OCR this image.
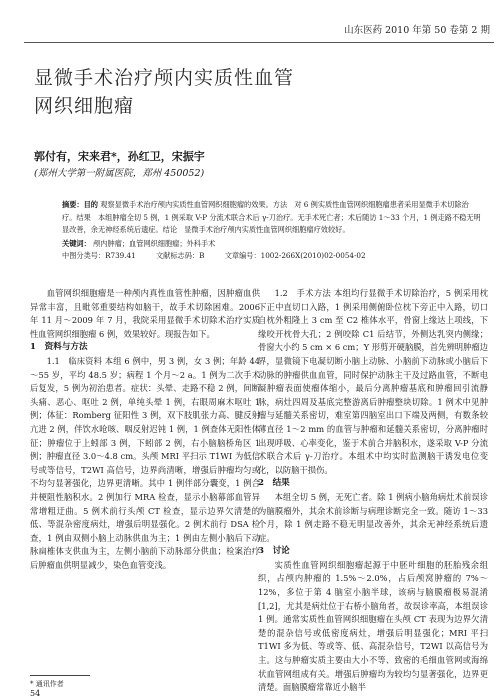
山东医药 2010 年第 50 卷第 2 期
显微手术治疗颅内实质性血管
网织细胞瘤
郭付有，宋来君*，孙红卫，宋振宇
(郑州大学第一附属医院，郑州 450052)

摘要：目的 观察显微手术治疗颅内实质性血管网织细胞瘤的效果。方法　对 6 例实质性血管网织细胞瘤患者采用显微手术切除治疗。结果　本组肿瘤全切 5 例，1 例采取 V-P 分流术联合术后 γ-刀治疗。无手术死亡者；术后随访 1～33 个月，1 例走路不稳无明显改善，余无神经系统后遗症。结论　显微手术治疗颅内实质性血管网织细胞瘤疗效较好。

关键词： 颅内肿瘤；血管网织细胞瘤；外科手术

中图分类号：R739.41	文献标志码：B	文章编号：1002-266X(2010)02-0054-02

血管网织细胞瘤是一种颅内真性血管性肿瘤，因肿瘤血供异常丰富，且毗邻重要结构如脑干，故手术切除困难。2006 年 11 月～2009 年 7 月，我院采用显微手术切除术治疗实质性血管网织细胞瘤 6 例，效果较好。现报告如下。

1　资料与方法

1.1　临床资料 本组 6 例中，男 3 例，女 3 例；年龄 44～55 岁，平均 48.5 岁；病程 1 个月～2 a。1 例为二次手术后复发，5 例为初治患者。症状：头晕、走路不稳 2 例，间断头痛、恶心、呕吐 2 例，单纯头晕 1 例，右眼周麻木呕吐 1 例；体征：Romberg 征阳性 3 例，双下肢肌张力高、腱反射亢进 2 例，伴饮水呛咳、咽反射迟钝 1 例，1 例查体无阳性体征；肿瘤位于上蚓部 3 例，下蚓部 2 例，右小脑脑桥角区 1 例；肿瘤直径 3.0～4.8 cm。头颅 MRI 平扫示 T1WI 为低信号或等信号，T2WI 高信号，边界尚清晰，增强后肿瘤均匀或不均匀显著强化，边界更清晰。其中 1 例伴部分囊变，1 例合并梗阻性脑积水。2 例加行 MRA 检查，显示小脑幕部血管异常增粗迂曲。5 例术前行头颅 CT 检查，显示边界欠清楚的低、等混杂密度病灶，增强后明显强化。2 例术前行 DSA 检查，1 例由双侧小脑上动脉供血为主；1 例由左侧小脑后下动脉扁椎体支供血为主，左侧小脑前下动脉部分供血；检案治疗后肿瘤血供明显减少，染色血管变浅。

1.2　手术方法 本组均行显微手术切除治疗，5 例采用枕下正中直切口入路，1 例采用侧俯卧位枕下旁正中入路，切口自枕外粗隆上 3 cm 至 C2 椎体水平，骨窗上缘达上项线，下缘咬开枕骨大孔；2 例咬除 C1 后结节，外侧达乳突内侧缘；骨窗大小约 5 cm × 6 cm；Y 形剪开硬脑膜，首先辨明肿瘤边界，显微镜下电凝切断小脑上动脉、小脑前下动脉或小脑后下动脉的肿瘤供血血管，同时保护动脉主干及过路血管，不断电凝肿瘤表面使瘤体缩小，最后分离肿瘤基底和肿瘤回引流静脉，病灶四周及基底完整游离后肿瘤整块切除。1 例术中见肿瘤与延髓关系密切，难室第四脑室出口下端及两侧，有数条较薄直径 1～2 mm 的血管与肿瘤和延髓关系密切，分离肿瘤时出现呼吸、心率变化，鉴于术前合并脑积水，遂采取 V-P 分流术联合术后 γ-刀治疗。本组术中均实时监测脑干诱发电位变化，以防脑干损伤。

2　结果

本组全切 5 例，无死亡者。除 1 例病小脑角病灶术前误诊为脑膜瘤外，其余术前诊断与病理诊断完全一致。随访 1～33 个月，除 1 例走路不稳无明显改善外，其余无神经系统后遗症。

3　讨论

实质性血管网织细胞瘤起源于中胚叶细胞的胚胎残余组织，占颅内肿瘤的 1.5%～2.0%，占后颅窝肿瘤的 7%～12%，多位于第 4 脑室小脑半球，该病与脑膜瘤极易混淆[1,2]，尤其是病灶位于右桥小脑角者，故误诊率高，本组误诊 1 例。通常实质性血管网织细胞瘤在头颅 CT 表现为边界欠清楚的混杂信号或低密度病灶，增强后明显强化；MRI 平扫 T1WI 多为低、等或等、低、高混杂信号，T2WI 以高信号为主。这与肿瘤实质主要由大小不等、致密的毛细血管网或海绵状血管网组成有关。增强后肿瘤均为较均匀显著强化，边界更清楚。面脑膜瘤常靠近小脑半

* 通讯作者
54
